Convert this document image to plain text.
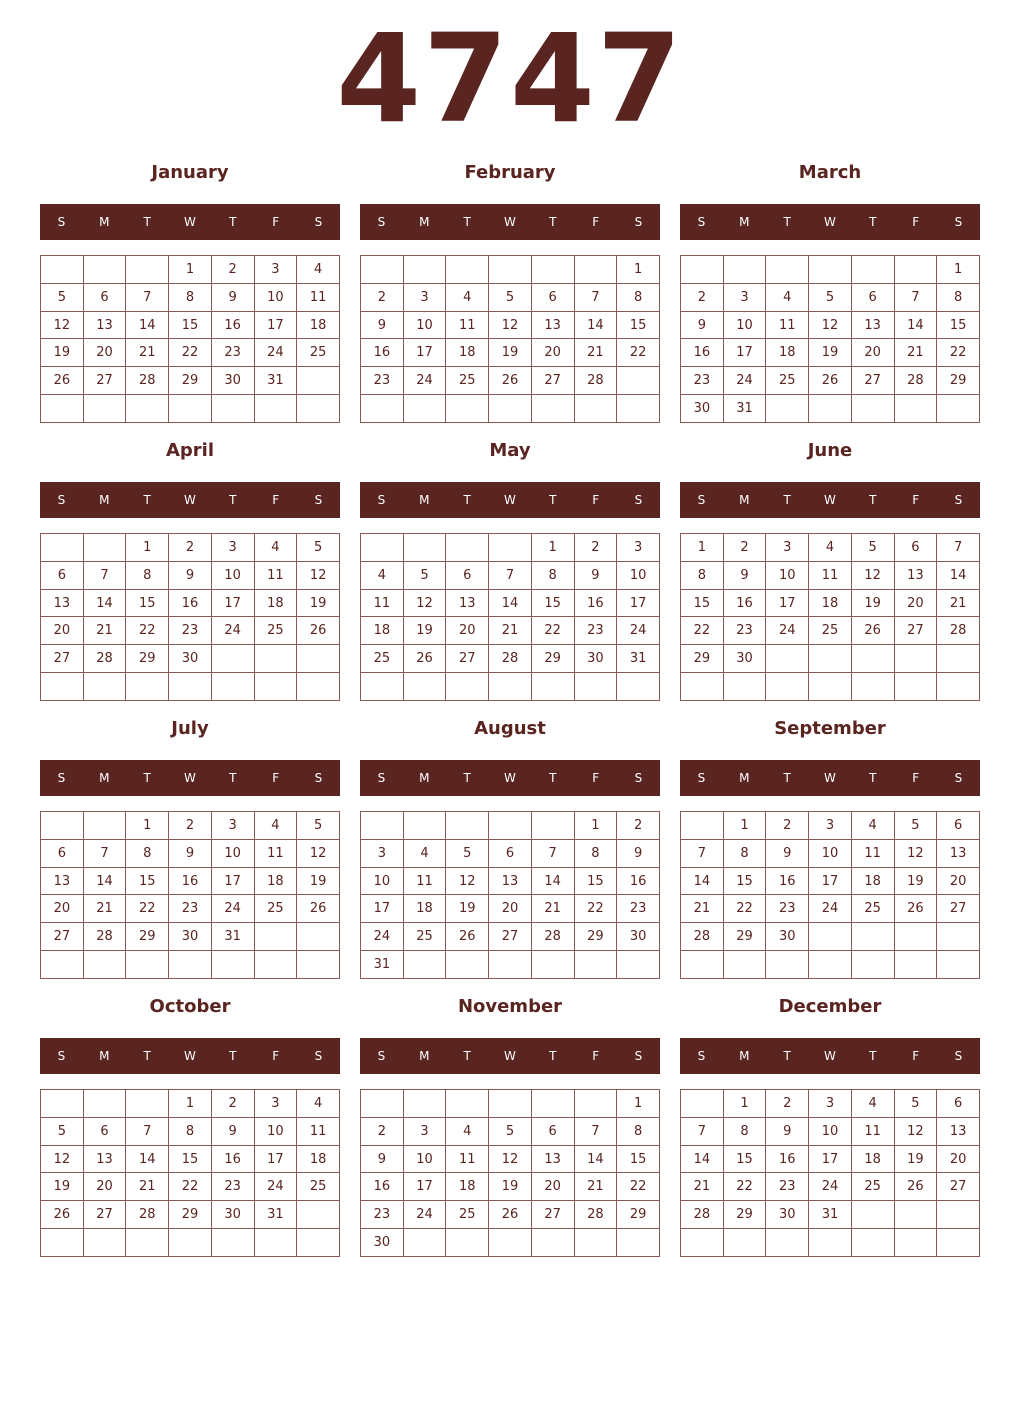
4747
January
S	M	T	W	T	F	S
			1	2	3	4
5	6	7	8	9	10	11
12	13	14	15	16	17	18
19	20	21	22	23	24	25
26	27	28	29	30	31	

February
S	M	T	W	T	F	S
						1
2	3	4	5	6	7	8
9	10	11	12	13	14	15
16	17	18	19	20	21	22
23	24	25	26	27	28	

March
S	M	T	W	T	F	S
						1
2	3	4	5	6	7	8
9	10	11	12	13	14	15
16	17	18	19	20	21	22
23	24	25	26	27	28	29
30	31					
April
S	M	T	W	T	F	S
		1	2	3	4	5
6	7	8	9	10	11	12
13	14	15	16	17	18	19
20	21	22	23	24	25	26
27	28	29	30			

May
S	M	T	W	T	F	S
				1	2	3
4	5	6	7	8	9	10
11	12	13	14	15	16	17
18	19	20	21	22	23	24
25	26	27	28	29	30	31

June
S	M	T	W	T	F	S
1	2	3	4	5	6	7
8	9	10	11	12	13	14
15	16	17	18	19	20	21
22	23	24	25	26	27	28
29	30					

July
S	M	T	W	T	F	S
		1	2	3	4	5
6	7	8	9	10	11	12
13	14	15	16	17	18	19
20	21	22	23	24	25	26
27	28	29	30	31		

August
S	M	T	W	T	F	S
					1	2
3	4	5	6	7	8	9
10	11	12	13	14	15	16
17	18	19	20	21	22	23
24	25	26	27	28	29	30
31						
September
S	M	T	W	T	F	S
	1	2	3	4	5	6
7	8	9	10	11	12	13
14	15	16	17	18	19	20
21	22	23	24	25	26	27
28	29	30				

October
S	M	T	W	T	F	S
			1	2	3	4
5	6	7	8	9	10	11
12	13	14	15	16	17	18
19	20	21	22	23	24	25
26	27	28	29	30	31	

November
S	M	T	W	T	F	S
						1
2	3	4	5	6	7	8
9	10	11	12	13	14	15
16	17	18	19	20	21	22
23	24	25	26	27	28	29
30						
December
S	M	T	W	T	F	S
	1	2	3	4	5	6
7	8	9	10	11	12	13
14	15	16	17	18	19	20
21	22	23	24	25	26	27
28	29	30	31			
